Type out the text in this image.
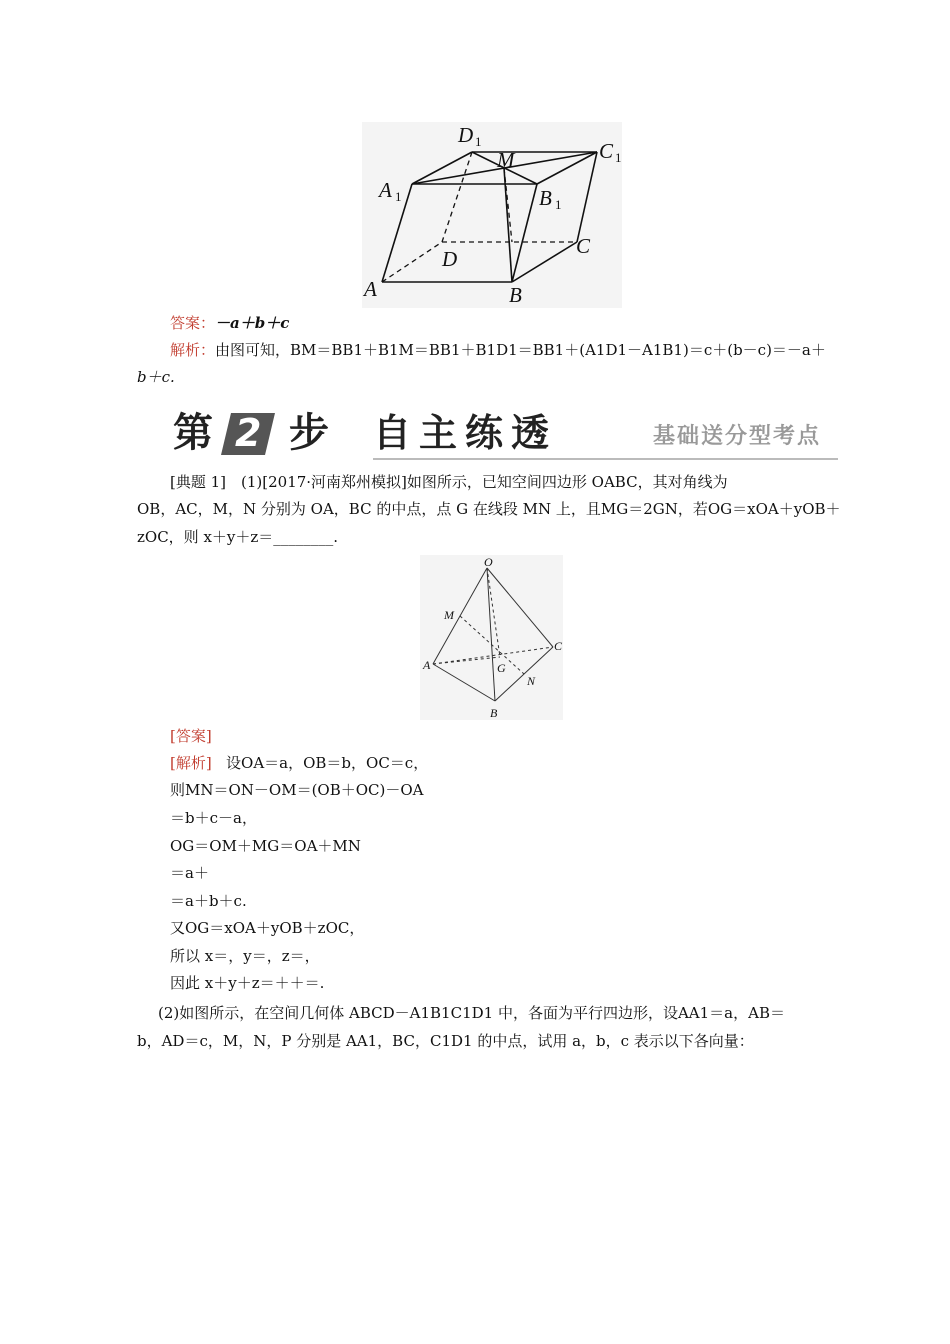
D 1	C 1
A 1
M
B 1
D
C
A	B
答案：－a＋b＋c
解析：由图可知，BM＝BB1＋B1M＝BB1＋B1D1＝BB1＋(A1D1－A1B1)＝c＋(b－c)＝－a＋
b＋c.
第 2 步 自主练透	基础送分型考点
[典题 1]　(1)[2017·河南郑州模拟]如图所示，已知空间四边形 OABC，其对角线为
OB，AC，M，N 分别为 OA，BC 的中点，点 G 在线段 MN 上，且MG＝2GN，若OG＝xOA＋yOB＋
zOC，则 x＋y＋z＝________.
O
M
C
A	G
N
B
[答案]
[解析] 设OA＝a，OB＝b，OC＝c，
则MN＝ON－OM＝(OB＋OC)－OA
＝b＋c－a，
OG＝OM＋MG＝OA＋MN
＝a＋
＝a＋b＋c.
又OG＝xOA＋yOB＋zOC，
所以 x＝，y＝，z＝，
因此 x＋y＋z＝＋＋＝.
(2)如图所示，在空间几何体 ABCD－A1B1C1D1 中，各面为平行四边形，设AA1＝a，AB＝
b，AD＝c，M，N，P 分别是 AA1，BC，C1D1 的中点，试用 a，b，c 表示以下各向量：
